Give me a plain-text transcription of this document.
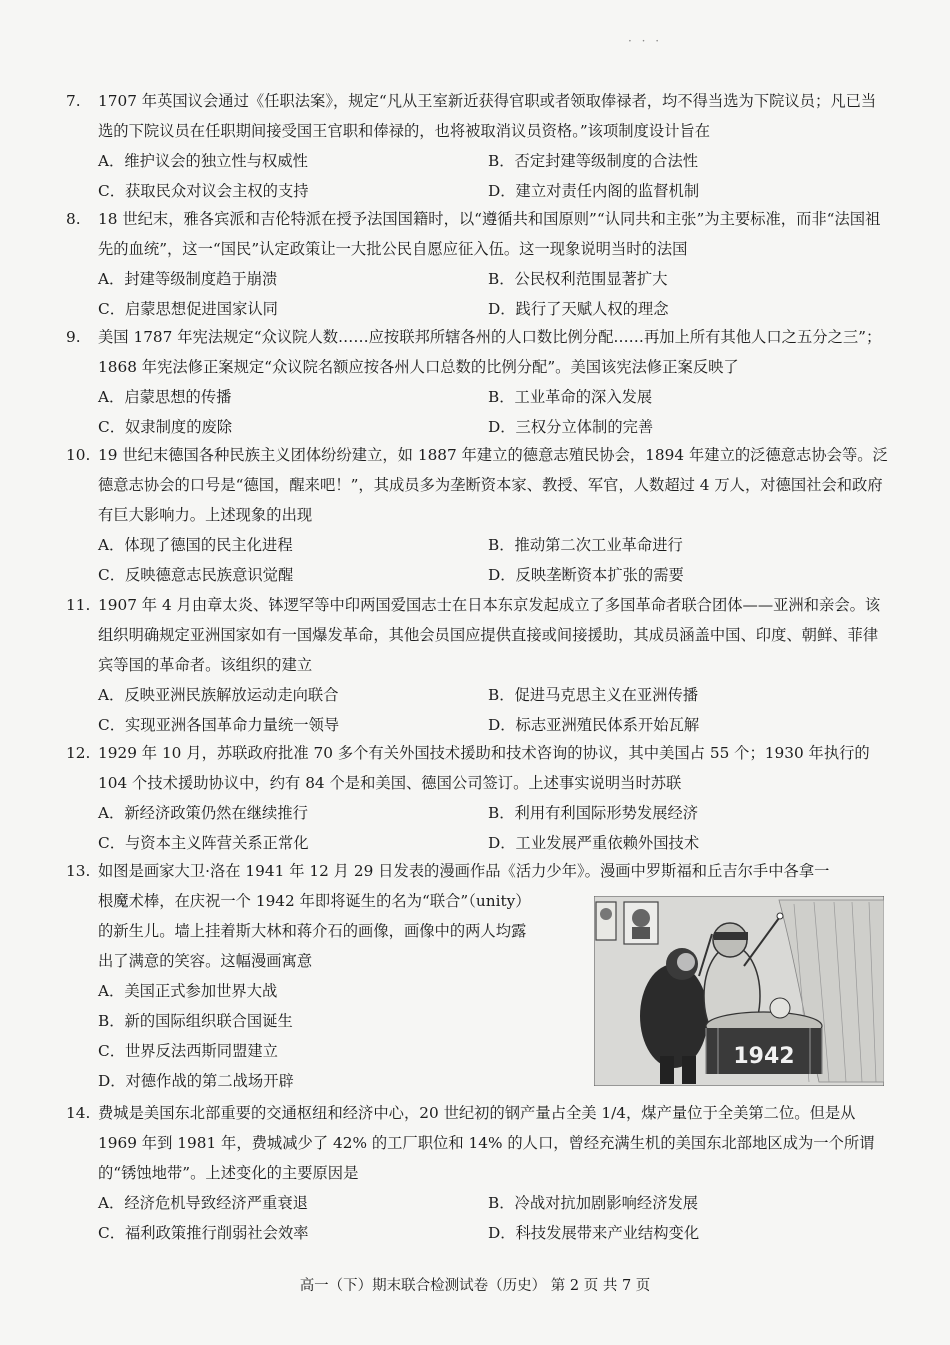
· · ·

7. 1707 年英国议会通过《任职法案》，规定“凡从王室新近获得官职或者领取俸禄者，均不得当选为下院议员；凡已当选的下院议员在任职期间接受国王官职和俸禄的，也将被取消议员资格。”该项制度设计旨在

A．维护议会的独立性与权威性	B．否定封建等级制度的合法性
C．获取民众对议会主权的支持	D．建立对责任内阁的监督机制

8. 18 世纪末，雅各宾派和吉伦特派在授予法国国籍时，以“遵循共和国原则”“认同共和主张”为主要标准，而非“法国祖先的血统”，这一“国民”认定政策让一大批公民自愿应征入伍。这一现象说明当时的法国

A．封建等级制度趋于崩溃	B．公民权利范围显著扩大
C．启蒙思想促进国家认同	D．践行了天赋人权的理念

9. 美国 1787 年宪法规定“众议院人数……应按联邦所辖各州的人口数比例分配……再加上所有其他人口之五分之三”；1868 年宪法修正案规定“众议院名额应按各州人口总数的比例分配”。美国该宪法修正案反映了

A．启蒙思想的传播	B．工业革命的深入发展
C．奴隶制度的废除	D．三权分立体制的完善

10. 19 世纪末德国各种民族主义团体纷纷建立，如 1887 年建立的德意志殖民协会，1894 年建立的泛德意志协会等。泛德意志协会的口号是“德国，醒来吧！”，其成员多为垄断资本家、教授、军官，人数超过 4 万人，对德国社会和政府有巨大影响力。上述现象的出现

A．体现了德国的民主化进程	B．推动第二次工业革命进行
C．反映德意志民族意识觉醒	D．反映垄断资本扩张的需要

11. 1907 年 4 月由章太炎、钵逻罕等中印两国爱国志士在日本东京发起成立了多国革命者联合团体——亚洲和亲会。该组织明确规定亚洲国家如有一国爆发革命，其他会员国应提供直接或间接援助，其成员涵盖中国、印度、朝鲜、菲律宾等国的革命者。该组织的建立

A．反映亚洲民族解放运动走向联合	B．促进马克思主义在亚洲传播
C．实现亚洲各国革命力量统一领导	D．标志亚洲殖民体系开始瓦解

12. 1929 年 10 月，苏联政府批准 70 多个有关外国技术援助和技术咨询的协议，其中美国占 55 个；1930 年执行的 104 个技术援助协议中，约有 84 个是和美国、德国公司签订。上述事实说明当时苏联

A．新经济政策仍然在继续推行	B．利用有利国际形势发展经济
C．与资本主义阵营关系正常化	D．工业发展严重依赖外国技术
13. 如图是画家大卫·洛在 1941 年 12 月 29 日发表的漫画作品《活力少年》。漫画中罗斯福和丘吉尔手中各拿一
根魔术棒，在庆祝一个 1942 年即将诞生的名为“联合”（unity）
的新生儿。墙上挂着斯大林和蒋介石的画像，画像中的两人均露
出了满意的笑容。这幅漫画寓意
A．美国正式参加世界大战
B．新的国际组织联合国诞生
C．世界反法西斯同盟建立
D．对德作战的第二战场开辟
1942

14. 费城是美国东北部重要的交通枢纽和经济中心，20 世纪初的钢产量占全美 1/4，煤产量位于全美第二位。但是从 1969 年到 1981 年，费城减少了 42% 的工厂职位和 14% 的人口，曾经充满生机的美国东北部地区成为一个所谓的“锈蚀地带”。上述变化的主要原因是

A．经济危机导致经济严重衰退	B．冷战对抗加剧影响经济发展
C．福利政策推行削弱社会效率	D．科技发展带来产业结构变化
高一（下）期末联合检测试卷（历史） 第 2 页 共 7 页
